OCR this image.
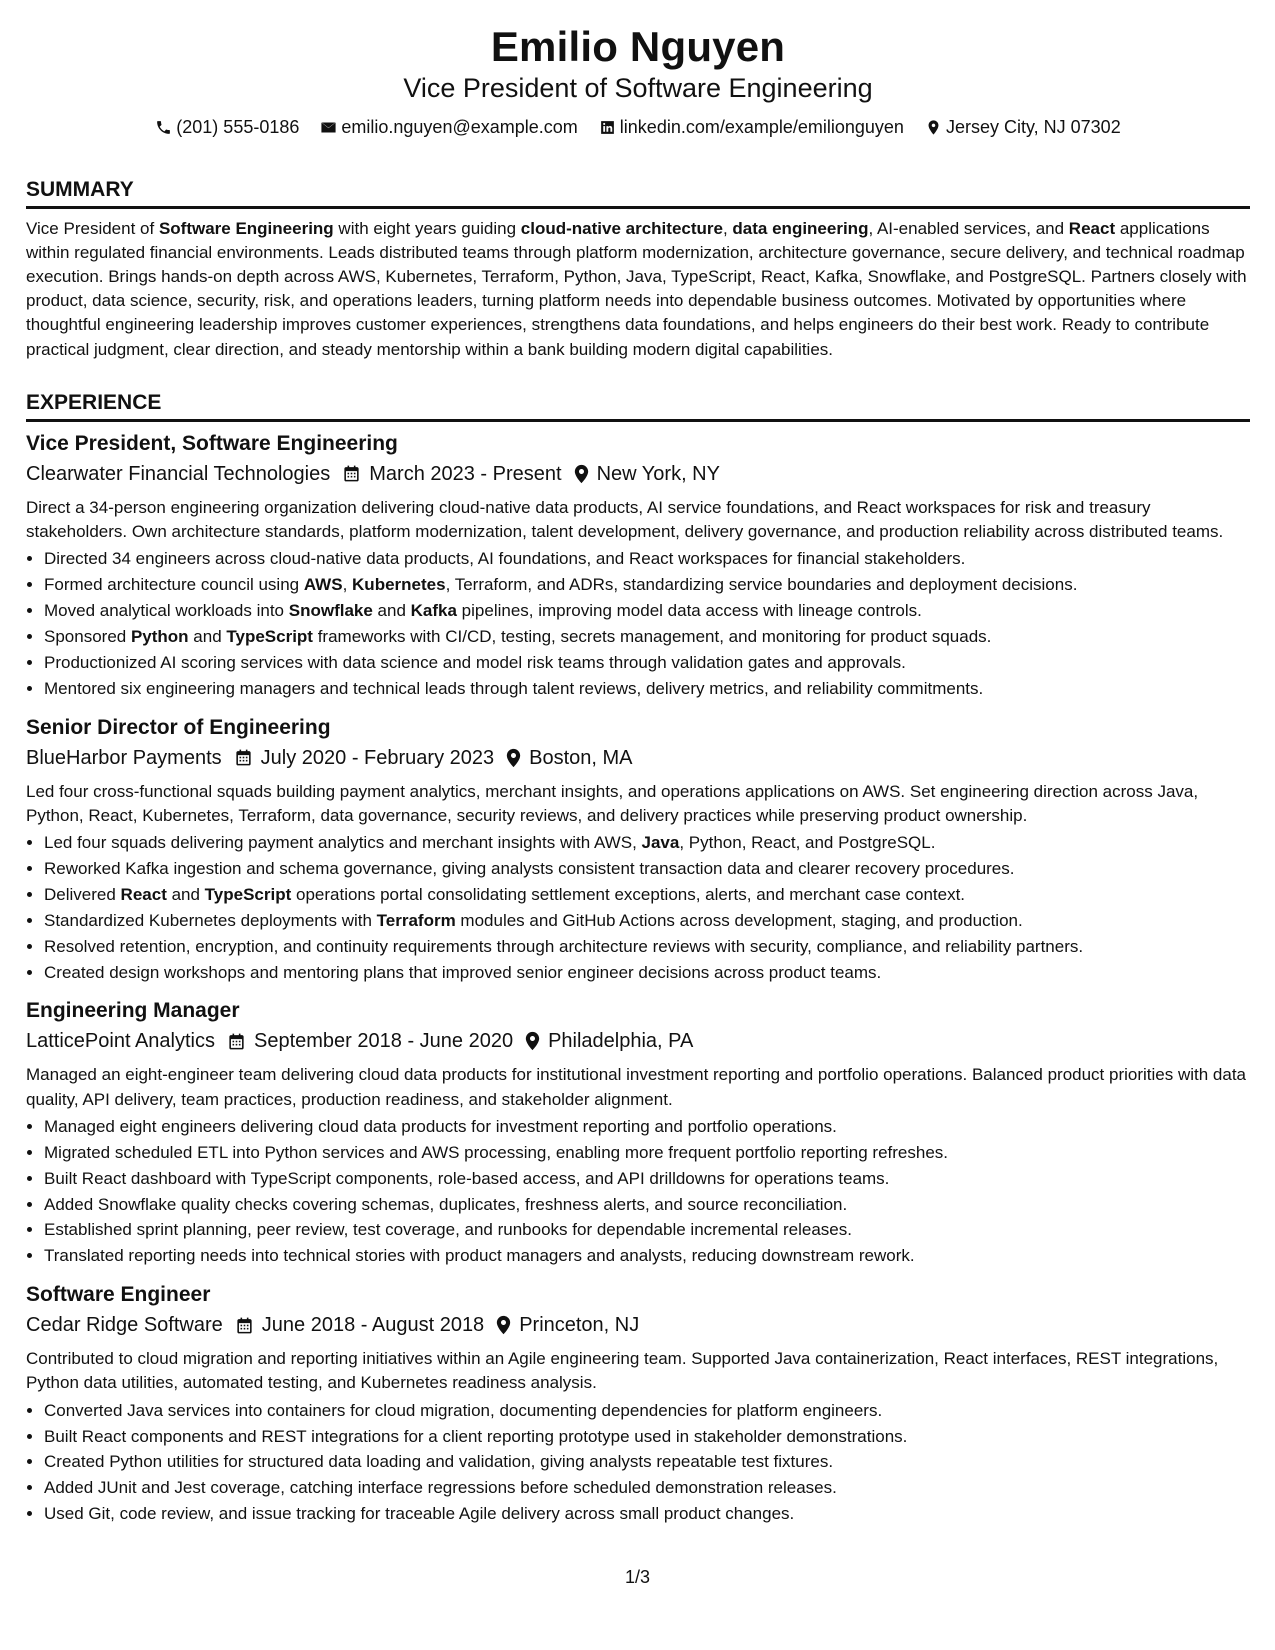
Emilio Nguyen
Vice President of Software Engineering
(201) 555-0186
emilio.nguyen@example.com
linkedin.com/example/emilionguyen
Jersey City, NJ 07302
SUMMARY

Vice President of Software Engineering with eight years guiding cloud-native architecture, data engineering, AI-enabled services, and React applications within regulated financial environments. Leads distributed teams through platform modernization, architecture governance, secure delivery, and technical roadmap execution. Brings hands-on depth across AWS, Kubernetes, Terraform, Python, Java, TypeScript, React, Kafka, Snowflake, and PostgreSQL. Partners closely with product, data science, security, risk, and operations leaders, turning platform needs into dependable business outcomes. Motivated by opportunities where thoughtful engineering leadership improves customer experiences, strengthens data foundations, and helps engineers do their best work. Ready to contribute practical judgment, clear direction, and steady mentorship within a bank building modern digital capabilities.

EXPERIENCE
Vice President, Software Engineering
Clearwater Financial Technologies March 2023 - Present New York, NY

Direct a 34-person engineering organization delivering cloud-native data products, AI service foundations, and React workspaces for risk and treasury stakeholders. Own architecture standards, platform modernization, talent development, delivery governance, and production reliability across distributed teams.

• Directed 34 engineers across cloud-native data products, AI foundations, and React workspaces for financial stakeholders.
• Formed architecture council using AWS, Kubernetes, Terraform, and ADRs, standardizing service boundaries and deployment decisions.
• Moved analytical workloads into Snowflake and Kafka pipelines, improving model data access with lineage controls.
• Sponsored Python and TypeScript frameworks with CI/CD, testing, secrets management, and monitoring for product squads.
• Productionized AI scoring services with data science and model risk teams through validation gates and approvals.
• Mentored six engineering managers and technical leads through talent reviews, delivery metrics, and reliability commitments.
Senior Director of Engineering
BlueHarbor Payments July 2020 - February 2023 Boston, MA

Led four cross-functional squads building payment analytics, merchant insights, and operations applications on AWS. Set engineering direction across Java, Python, React, Kubernetes, Terraform, data governance, security reviews, and delivery practices while preserving product ownership.

• Led four squads delivering payment analytics and merchant insights with AWS, Java, Python, React, and PostgreSQL.
• Reworked Kafka ingestion and schema governance, giving analysts consistent transaction data and clearer recovery procedures.
• Delivered React and TypeScript operations portal consolidating settlement exceptions, alerts, and merchant case context.
• Standardized Kubernetes deployments with Terraform modules and GitHub Actions across development, staging, and production.
• Resolved retention, encryption, and continuity requirements through architecture reviews with security, compliance, and reliability partners.
• Created design workshops and mentoring plans that improved senior engineer decisions across product teams.
Engineering Manager
LatticePoint Analytics September 2018 - June 2020 Philadelphia, PA

Managed an eight-engineer team delivering cloud data products for institutional investment reporting and portfolio operations. Balanced product priorities with data quality, API delivery, team practices, production readiness, and stakeholder alignment.

• Managed eight engineers delivering cloud data products for investment reporting and portfolio operations.
• Migrated scheduled ETL into Python services and AWS processing, enabling more frequent portfolio reporting refreshes.
• Built React dashboard with TypeScript components, role-based access, and API drilldowns for operations teams.
• Added Snowflake quality checks covering schemas, duplicates, freshness alerts, and source reconciliation.
• Established sprint planning, peer review, test coverage, and runbooks for dependable incremental releases.
• Translated reporting needs into technical stories with product managers and analysts, reducing downstream rework.
Software Engineer
Cedar Ridge Software June 2018 - August 2018 Princeton, NJ

Contributed to cloud migration and reporting initiatives within an Agile engineering team. Supported Java containerization, React interfaces, REST integrations, Python data utilities, automated testing, and Kubernetes readiness analysis.

• Converted Java services into containers for cloud migration, documenting dependencies for platform engineers.
• Built React components and REST integrations for a client reporting prototype used in stakeholder demonstrations.
• Created Python utilities for structured data loading and validation, giving analysts repeatable test fixtures.
• Added JUnit and Jest coverage, catching interface regressions before scheduled demonstration releases.
• Used Git, code review, and issue tracking for traceable Agile delivery across small product changes.
1/3
